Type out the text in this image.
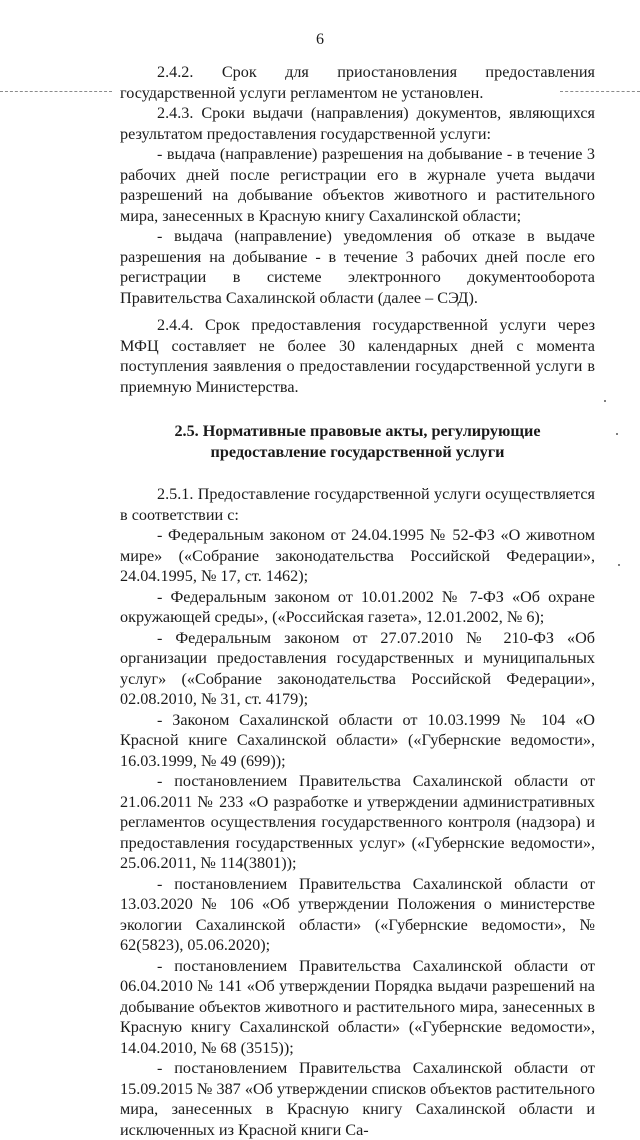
6

2.4.2. Срок для приостановления предоставления государственной услуги регламентом не установлен.

2.4.3. Сроки выдачи (направления) документов, являющихся результатом предоставления государственной услуги:

- выдача (направление) разрешения на добывание - в течение 3 рабочих дней после регистрации его в журнале учета выдачи разрешений на добывание объектов животного и растительного мира, занесенных в Красную книгу Сахалинской области;

- выдача (направление) уведомления об отказе в выдаче разрешения на добывание - в течение 3 рабочих дней после его регистрации в системе электронного документооборота Правительства Сахалинской области (далее – СЭД).

2.4.4. Срок предоставления государственной услуги через МФЦ составляет не более 30 календарных дней с момента поступления заявления о предоставлении государственной услуги в приемную Министерства.

2.5. Нормативные правовые акты, регулирующие предоставление государственной услуги

2.5.1. Предоставление государственной услуги осуществляется в соответствии с:

- Федеральным законом от 24.04.1995 № 52-ФЗ «О животном мире» («Собрание законодательства Российской Федерации», 24.04.1995, № 17, ст. 1462);

- Федеральным законом от 10.01.2002 № 7-ФЗ «Об охране окружающей среды», («Российская газета», 12.01.2002, № 6);

- Федеральным законом от 27.07.2010 № 210-ФЗ «Об организации предоставления государственных и муниципальных услуг» («Собрание законодательства Российской Федерации», 02.08.2010, № 31, ст. 4179);

- Законом Сахалинской области от 10.03.1999 № 104 «О Красной книге Сахалинской области» («Губернские ведомости», 16.03.1999, № 49 (699));

- постановлением Правительства Сахалинской области от 21.06.2011 № 233 «О разработке и утверждении административных регламентов осуществления государственного контроля (надзора) и предоставления государственных услуг» («Губернские ведомости», 25.06.2011, № 114(3801));

- постановлением Правительства Сахалинской области от 13.03.2020 № 106 «Об утверждении Положения о министерстве экологии Сахалинской области» («Губернские ведомости», № 62(5823), 05.06.2020);

- постановлением Правительства Сахалинской области от 06.04.2010 № 141 «Об утверждении Порядка выдачи разрешений на добывание объектов животного и растительного мира, занесенных в Красную книгу Сахалинской области» («Губернские ведомости», 14.04.2010, № 68 (3515));

- постановлением Правительства Сахалинской области от 15.09.2015 № 387 «Об утверждении списков объектов растительного мира, занесенных в Красную книгу Сахалинской области и исключенных из Красной книги Са-
